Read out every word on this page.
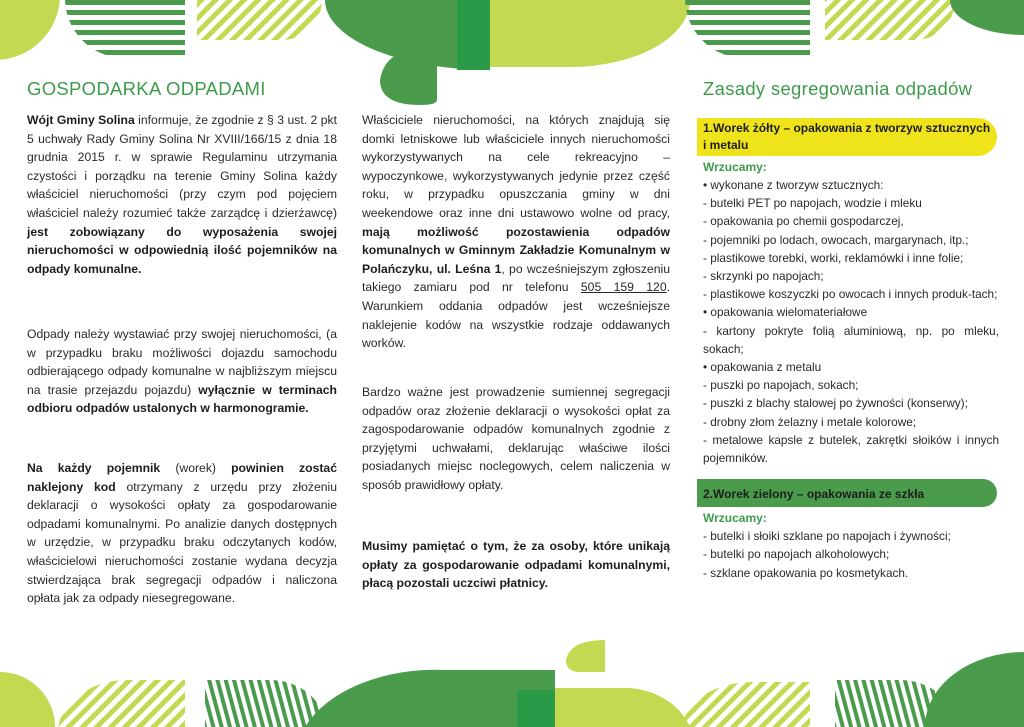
GOSPODARKA ODPADAMI	Zasady segregowania odpadów
Wójt Gminy Solina informuje, że zgodnie z § 3 ust. 2 pkt 5 uchwały Rady Gminy Solina Nr XVIII/166/15 z dnia 18 grudnia 2015 r. w sprawie Regulaminu utrzymania czystości i porządku na terenie Gminy Solina każdy właściciel nieruchomości (przy czym pod pojęciem właściciel należy rozumieć także zarządcę i dzierżawcę) jest zobowiązany do wyposażenia swojej nieruchomości w odpowiednią ilość pojemników na odpady komunalne.
Odpady należy wystawiać przy swojej nieruchomości, (a w przypadku braku możliwości dojazdu samochodu odbierającego odpady komunalne w najbliższym miejscu na trasie przejazdu pojazdu) wyłącznie w terminach odbioru odpadów ustalonych w harmonogramie.
Na każdy pojemnik (worek) powinien zostać naklejony kod otrzymany z urzędu przy złożeniu deklaracji o wysokości opłaty za gospodarowanie odpadami komunalnymi. Po analizie danych dostępnych w urzędzie, w przypadku braku odczytanych kodów, właścicielowi nieruchomości zostanie wydana decyzja stwierdzająca brak segregacji odpadów i naliczona opłata jak za odpady niesegregowane.
Właściciele nieruchomości, na których znajdują się domki letniskowe lub właściciele innych nieruchomości wykorzystywanych na cele rekreacyjno – wypoczynkowe, wykorzystywanych jedynie przez część roku, w przypadku opuszczania gminy w dni weekendowe oraz inne dni ustawowo wolne od pracy, mają możliwość pozostawienia odpadów komunalnych w Gminnym Zakładzie Komunalnym w Polańczyku, ul. Leśna 1, po wcześniejszym zgłoszeniu takiego zamiaru pod nr telefonu 505 159 120. Warunkiem oddania odpadów jest wcześniejsze naklejenie kodów na wszystkie rodzaje oddawanych worków.
Bardzo ważne jest prowadzenie sumiennej segregacji odpadów oraz złożenie deklaracji o wysokości opłat za zagospodarowanie odpadów komunalnych zgodnie z przyjętymi uchwałami, deklarując właściwe ilości posiadanych miejsc noclegowych, celem naliczenia w sposób prawidłowy opłaty.
Musimy pamiętać o tym, że za osoby, które unikają opłaty za gospodarowanie odpadami komunalnymi, płacą pozostali uczciwi płatnicy.
1.Worek żółty – opakowania z tworzyw sztucznych i metalu
Wrzucamy:
• wykonane z tworzyw sztucznych:
- butelki PET po napojach, wodzie i mleku
- opakowania po chemii gospodarczej,
- pojemniki po lodach, owocach, margarynach, itp.;
- plastikowe torebki, worki, reklamówki i inne folie;
- skrzynki po napojach;
- plastikowe koszyczki po owocach i innych produk-tach;
• opakowania wielomateriałowe
- kartony pokryte folią aluminiową, np. po mleku, sokach;
• opakowania z metalu
- puszki po napojach, sokach;
- puszki z blachy stalowej po żywności (konserwy);
- drobny złom żelazny i metale kolorowe;
- metalowe kapsle z butelek, zakrętki słoików i innych pojemników.
2.Worek zielony – opakowania ze szkła
Wrzucamy:
- butelki i słoiki szklane po napojach i żywności;
- butelki po napojach alkoholowych;
- szklane opakowania po kosmetykach.
